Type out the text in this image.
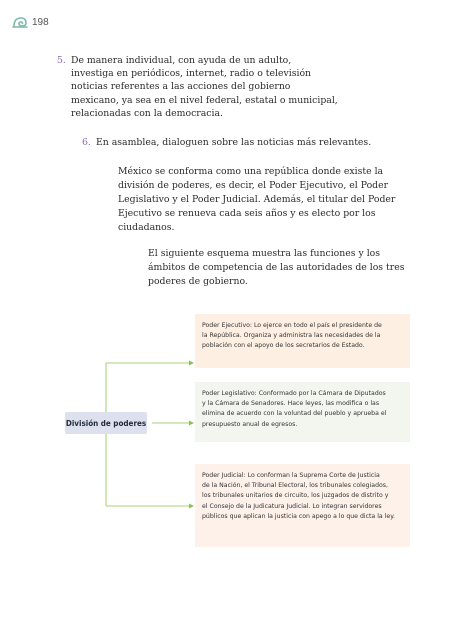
198
5. De manera individual, con ayuda de un adulto,
investiga en periódicos, internet, radio o televisión
noticias referentes a las acciones del gobierno
mexicano, ya sea en el nivel federal, estatal o municipal,
relacionadas con la democracia.
6. En asamblea, dialoguen sobre las noticias más relevantes.
México se conforma como una república donde existe la
división de poderes, es decir, el Poder Ejecutivo, el Poder
Legislativo y el Poder Judicial. Además, el titular del Poder
Ejecutivo se renueva cada seis años y es electo por los
ciudadanos.
El siguiente esquema muestra las funciones y los
ámbitos de competencia de las autoridades de los tres
poderes de gobierno.
División de poderes
Poder Ejecutivo: Lo ejerce en todo el país el presidente de
la República. Organiza y administra las necesidades de la
población con el apoyo de los secretarios de Estado.
Poder Legislativo: Conformado por la Cámara de Diputados
y la Cámara de Senadores. Hace leyes, las modifica o las
elimina de acuerdo con la voluntad del pueblo y aprueba el
presupuesto anual de egresos.
Poder Judicial: Lo conforman la Suprema Corte de Justicia
de la Nación, el Tribunal Electoral, los tribunales colegiados,
los tribunales unitarios de circuito, los juzgados de distrito y
el Consejo de la Judicatura Judicial. Lo integran servidores
públicos que aplican la justicia con apego a lo que dicta la ley.
